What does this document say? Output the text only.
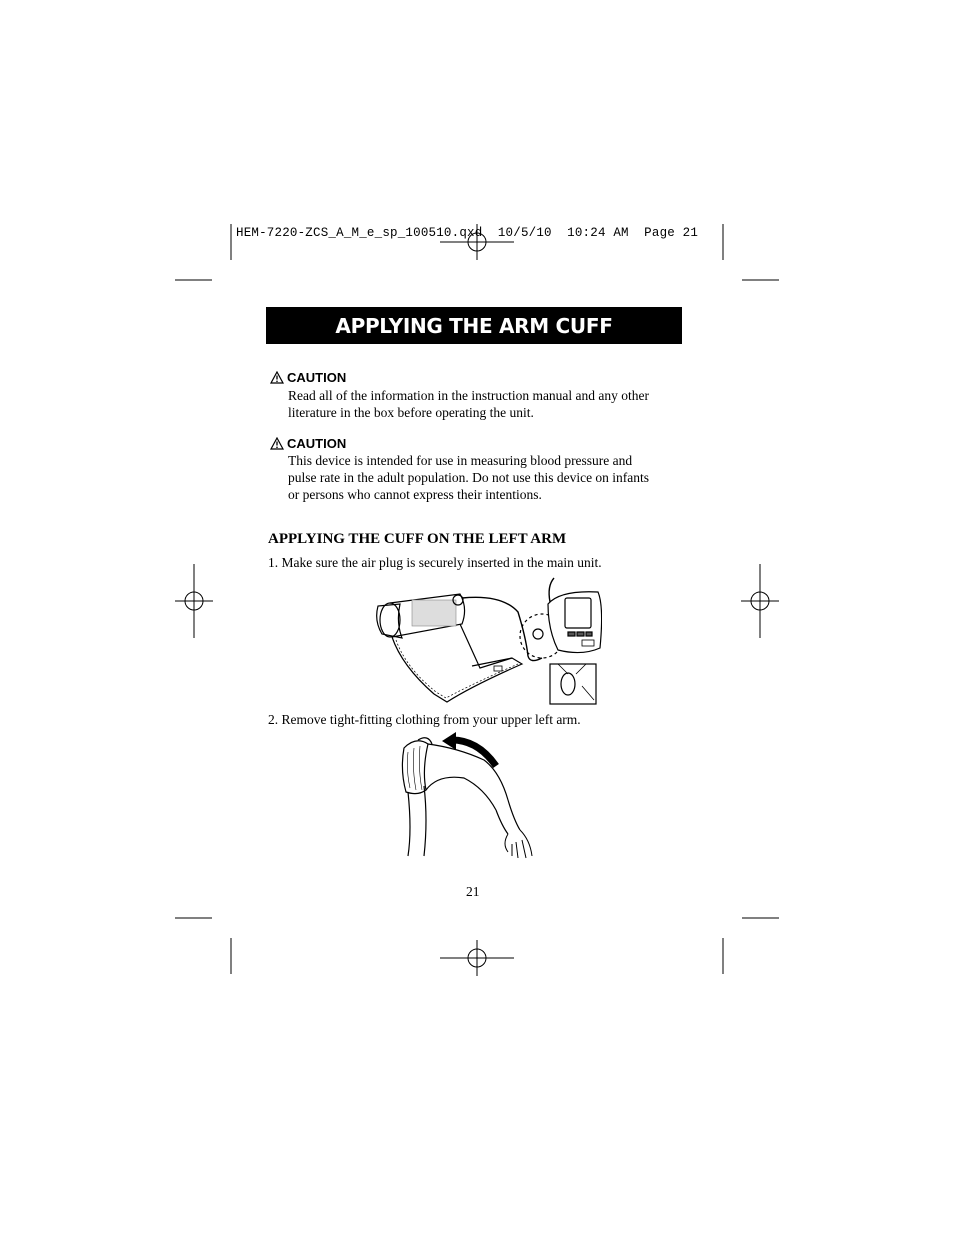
HEM-7220-ZCS_A_M_e_sp_100510.qxd  10/5/10  10:24 AM  Page 21
APPLYING THE ARM CUFF
CAUTION
Read all of the information in the instruction manual and any other
literature in the box before operating the unit.
CAUTION
This device is intended for use in measuring blood pressure and
pulse rate in the adult population. Do not use this device on infants
or persons who cannot express their intentions.
APPLYING THE CUFF ON THE LEFT ARM
1. Make sure the air plug is securely inserted in the main unit.
2. Remove tight-fitting clothing from your upper left arm.
21
